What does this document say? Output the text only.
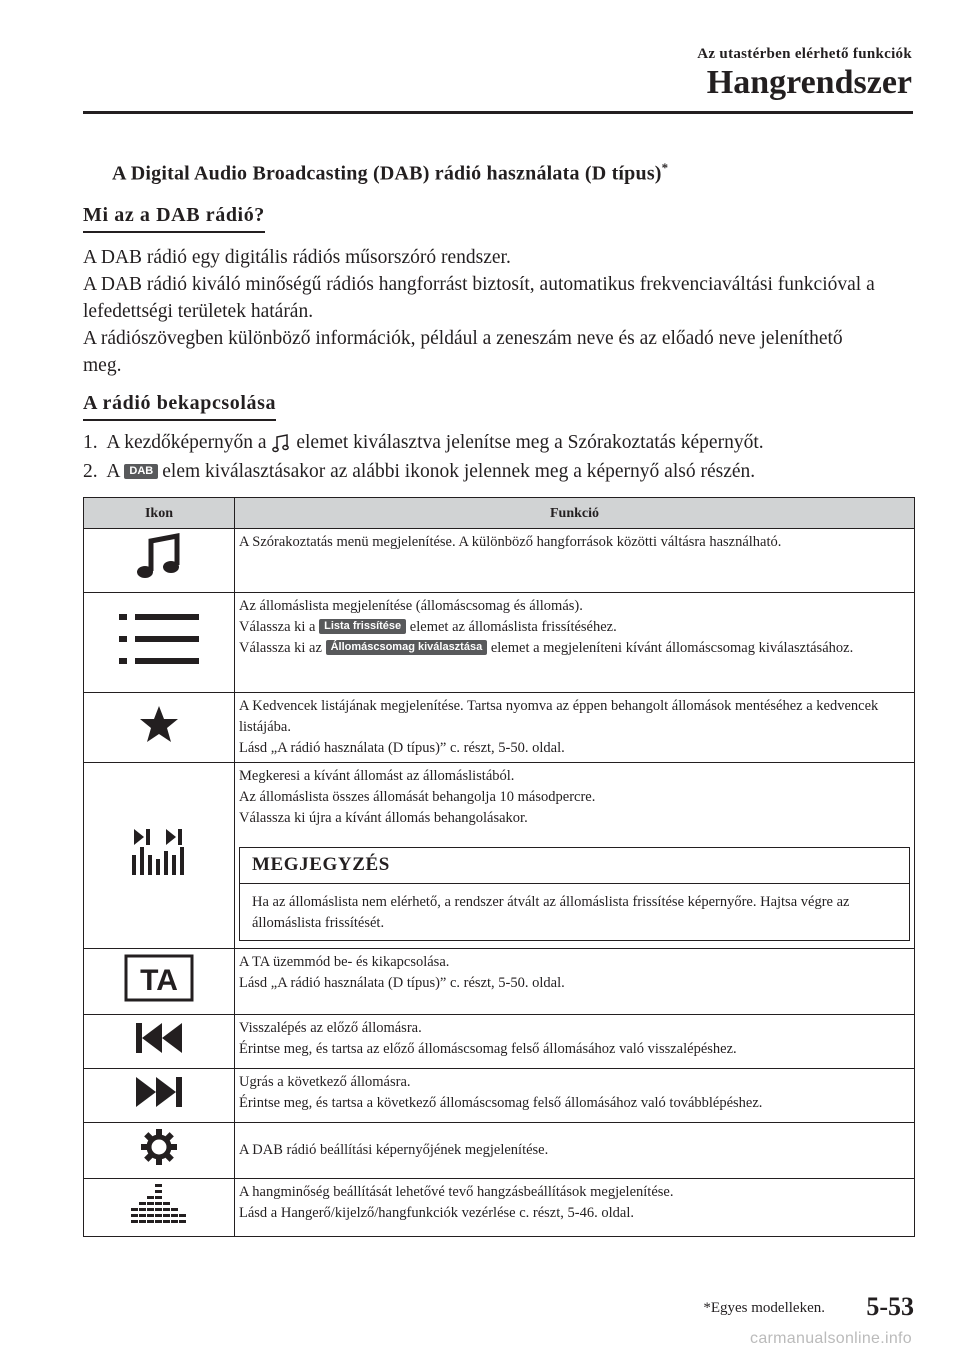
Az utastérben elérhető funkciók
Hangrendszer
A Digital Audio Broadcasting (DAB) rádió használata (D típus)*
Mi az a DAB rádió?

A DAB rádió egy digitális rádiós műsorszóró rendszer.

A DAB rádió kiváló minőségű rádiós hangforrást biztosít, automatikus frekvenciaváltási funkcióval a lefedettségi területek határán.

A rádiószövegben különböző információk, például a zeneszám neve és az előadó neve jeleníthető meg.

A rádió bekapcsolása
1. A kezdőképernyőn a elemet kiválasztva jelenítse meg a Szórakoztatás képernyőt.
2. A DAB elem kiválasztásakor az alábbi ikonok jelennek meg a képernyő alsó részén.
Ikon	Funkció
	A Szórakoztatás menü megjelenítése. A különböző hangforrások közötti váltásra használható.

Az állomáslista megjelenítése (állomáscsomag és állomás).
Válassza ki a Lista frissítése elemet az állomáslista frissítéséhez.
Válassza ki az Állomáscsomag kiválasztása elemet a megjeleníteni kívánt állomáscsomag kiválasztásához.

A Kedvencek listájának megjelenítése. Tartsa nyomva az éppen behangolt állomások mentéséhez a kedvencek listájába.
Lásd „A rádió használata (D típus)” c. részt, 5-50. oldal.

Megkeresi a kívánt állomást az állomáslistából.
Az állomáslista összes állomását behangolja 10 másodpercre.
Válassza ki újra a kívánt állomás behangolásakor.
MEGJEGYZÉS
Ha az állomáslista nem elérhető, a rendszer átvált az állomáslista frissítése képernyőre. Hajtsa végre az állomáslista frissítését.

TA	A TA üzemmód be- és kikapcsolása.
Lásd „A rádió használata (D típus)” c. részt, 5-50. oldal.

Visszalépés az előző állomásra.
Érintse meg, és tartsa az előző állomáscsomag felső állomásához való visszalépéshez.

Ugrás a következő állomásra.
Érintse meg, és tartsa a következő állomáscsomag felső állomásához való továbblépéshez.

A DAB rádió beállítási képernyőjének megjelenítése.

A hangminőség beállítását lehetővé tevő hangzásbeállítások megjelenítése.
Lásd a Hangerő/kijelző/hangfunkciók vezérlése c. részt, 5-46. oldal.
*Egyes modelleken. 5-53
carmanualsonline.info
